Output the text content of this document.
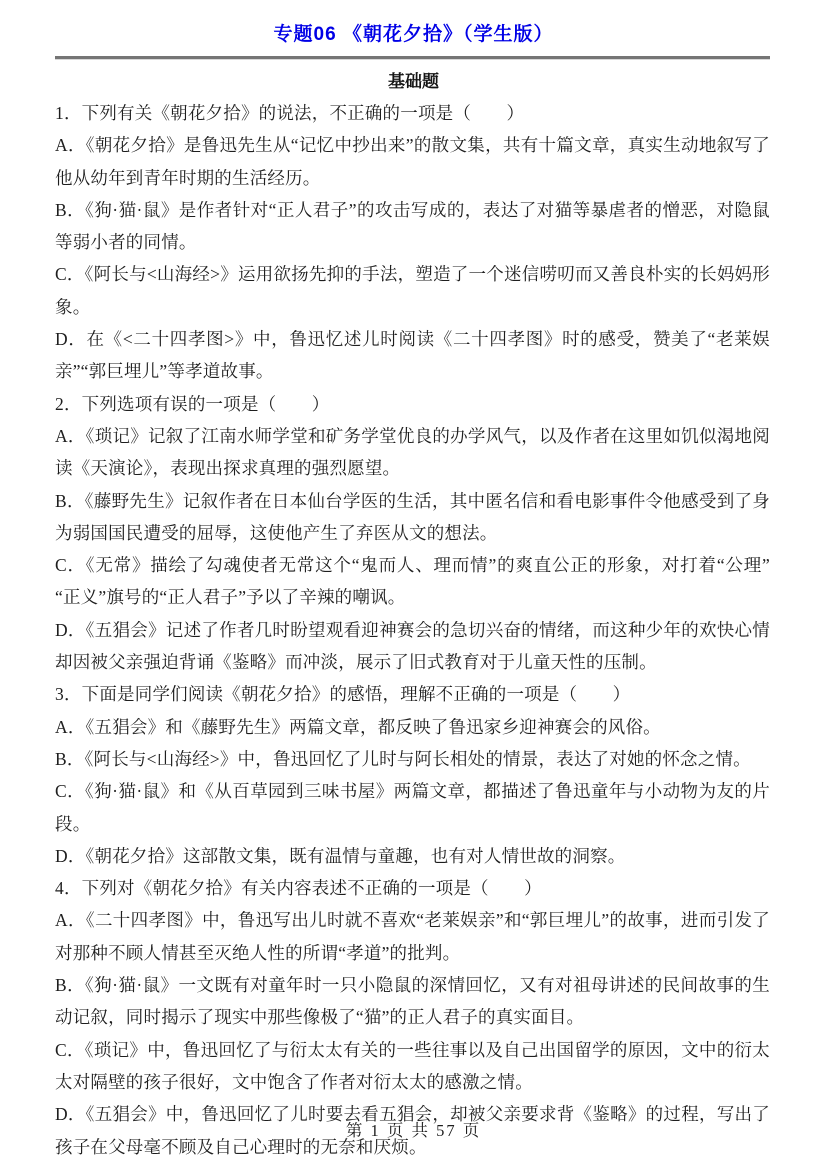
专题06 《朝花夕拾》（学生版）
基础题

1．下列有关《朝花夕拾》的说法，不正确的一项是（　　）

A．《朝花夕拾》是鲁迅先生从“记忆中抄出来”的散文集，共有十篇文章，真实生动地叙写了他从幼年到青年时期的生活经历。

B．《狗·猫·鼠》是作者针对“正人君子”的攻击写成的，表达了对猫等暴虐者的憎恶，对隐鼠等弱小者的同情。

C．《阿长与<山海经>》运用欲扬先抑的手法，塑造了一个迷信唠叨而又善良朴实的长妈妈形象。

D．在《<二十四孝图>》中，鲁迅忆述儿时阅读《二十四孝图》时的感受，赞美了“老莱娱亲”“郭巨埋儿”等孝道故事。

2．下列选项有误的一项是（　　）

A．《琐记》记叙了江南水师学堂和矿务学堂优良的办学风气，以及作者在这里如饥似渴地阅读《天演论》，表现出探求真理的强烈愿望。

B．《藤野先生》记叙作者在日本仙台学医的生活，其中匿名信和看电影事件令他感受到了身为弱国国民遭受的屈辱，这使他产生了弃医从文的想法。

C．《无常》描绘了勾魂使者无常这个“鬼而人、理而情”的爽直公正的形象，对打着“公理”“正义”旗号的“正人君子”予以了辛辣的嘲讽。

D．《五猖会》记述了作者几时盼望观看迎神赛会的急切兴奋的情绪，而这种少年的欢快心情却因被父亲强迫背诵《鉴略》而冲淡，展示了旧式教育对于儿童天性的压制。

3．下面是同学们阅读《朝花夕拾》的感悟，理解不正确的一项是（　　）

A．《五猖会》和《藤野先生》两篇文章，都反映了鲁迅家乡迎神赛会的风俗。

B．《阿长与<山海经>》中，鲁迅回忆了儿时与阿长相处的情景，表达了对她的怀念之情。

C．《狗·猫·鼠》和《从百草园到三味书屋》两篇文章，都描述了鲁迅童年与小动物为友的片段。

D．《朝花夕拾》这部散文集，既有温情与童趣，也有对人情世故的洞察。

4．下列对《朝花夕拾》有关内容表述不正确的一项是（　　）

A．《二十四孝图》中，鲁迅写出儿时就不喜欢“老莱娱亲”和“郭巨埋儿”的故事，进而引发了对那种不顾人情甚至灭绝人性的所谓“孝道”的批判。

B．《狗·猫·鼠》一文既有对童年时一只小隐鼠的深情回忆，又有对祖母讲述的民间故事的生动记叙，同时揭示了现实中那些像极了“猫”的正人君子的真实面目。

C．《琐记》中，鲁迅回忆了与衍太太有关的一些往事以及自己出国留学的原因，文中的衍太太对隔壁的孩子很好，文中饱含了作者对衍太太的感激之情。

D．《五猖会》中，鲁迅回忆了儿时要去看五猖会，却被父亲要求背《鉴略》的过程，写出了孩子在父母毫不顾及自己心理时的无奈和厌烦。

第 1 页 共 57 页
